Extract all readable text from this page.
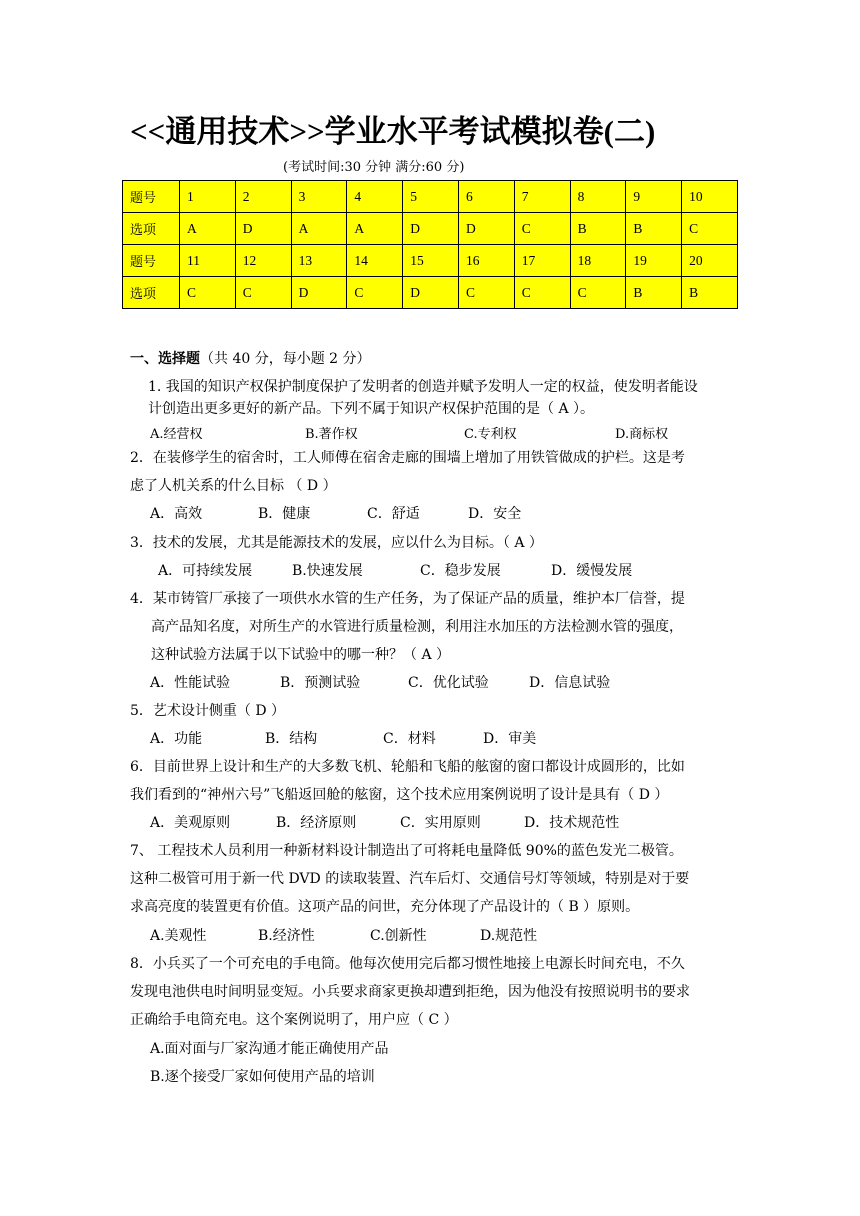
<<通用技术>>学业水平考试模拟卷(二)
(考试时间:30 分钟 满分:60 分)
题号	1	2	3	4	5	6	7	8	9	10
选项	A	D	A	A	D	D	C	B	B	C
题号	11	12	13	14	15	16	17	18	19	20
选项	C	C	D	C	D	C	C	C	B	B
一、选择题（共 40 分，每小题 2 分）
1. 我国的知识产权保护制度保护了发明者的创造并赋予发明人一定的权益，使发明者能设
计创造出更多更好的新产品。下列不属于知识产权保护范围的是（ A ）。
A.经营权	B.著作权	C.专利权	D.商标权
2．在装修学生的宿舍时，工人师傅在宿舍走廊的围墙上增加了用铁管做成的护栏。这是考
虑了人机关系的什么目标 （ D ）
A．高效	B．健康	C．舒适	D．安全
3．技术的发展，尤其是能源技术的发展，应以什么为目标。（ A ）
A．可持续发展	B.快速发展	C．稳步发展	D．缓慢发展
4．某市铸管厂承接了一项供水水管的生产任务，为了保证产品的质量，维护本厂信誉，提
高产品知名度，对所生产的水管进行质量检测，利用注水加压的方法检测水管的强度，
这种试验方法属于以下试验中的哪一种？（ A ）
A．性能试验	B．预测试验	C．优化试验	D．信息试验
5．艺术设计侧重（ D ）
A．功能	B．结构	C．材料	D．审美
6．目前世界上设计和生产的大多数飞机、轮船和飞船的舷窗的窗口都设计成圆形的，比如
我们看到的“神州六号”飞船返回舱的舷窗，这个技术应用案例说明了设计是具有（ D ）
A．美观原则	B．经济原则	C．实用原则	D．技术规范性
7、 工程技术人员利用一种新材料设计制造出了可将耗电量降低 90%的蓝色发光二极管。
这种二极管可用于新一代 DVD 的读取装置、汽车后灯、交通信号灯等领域，特别是对于要
求高亮度的装置更有价值。这项产品的问世，充分体现了产品设计的（ B ）原则。
A.美观性	B.经济性	C.创新性	D.规范性
8．小兵买了一个可充电的手电筒。他每次使用完后都习惯性地接上电源长时间充电，不久
发现电池供电时间明显变短。小兵要求商家更换却遭到拒绝，因为他没有按照说明书的要求
正确给手电筒充电。这个案例说明了，用户应（ C ）
A.面对面与厂家沟通才能正确使用产品
B.逐个接受厂家如何使用产品的培训
